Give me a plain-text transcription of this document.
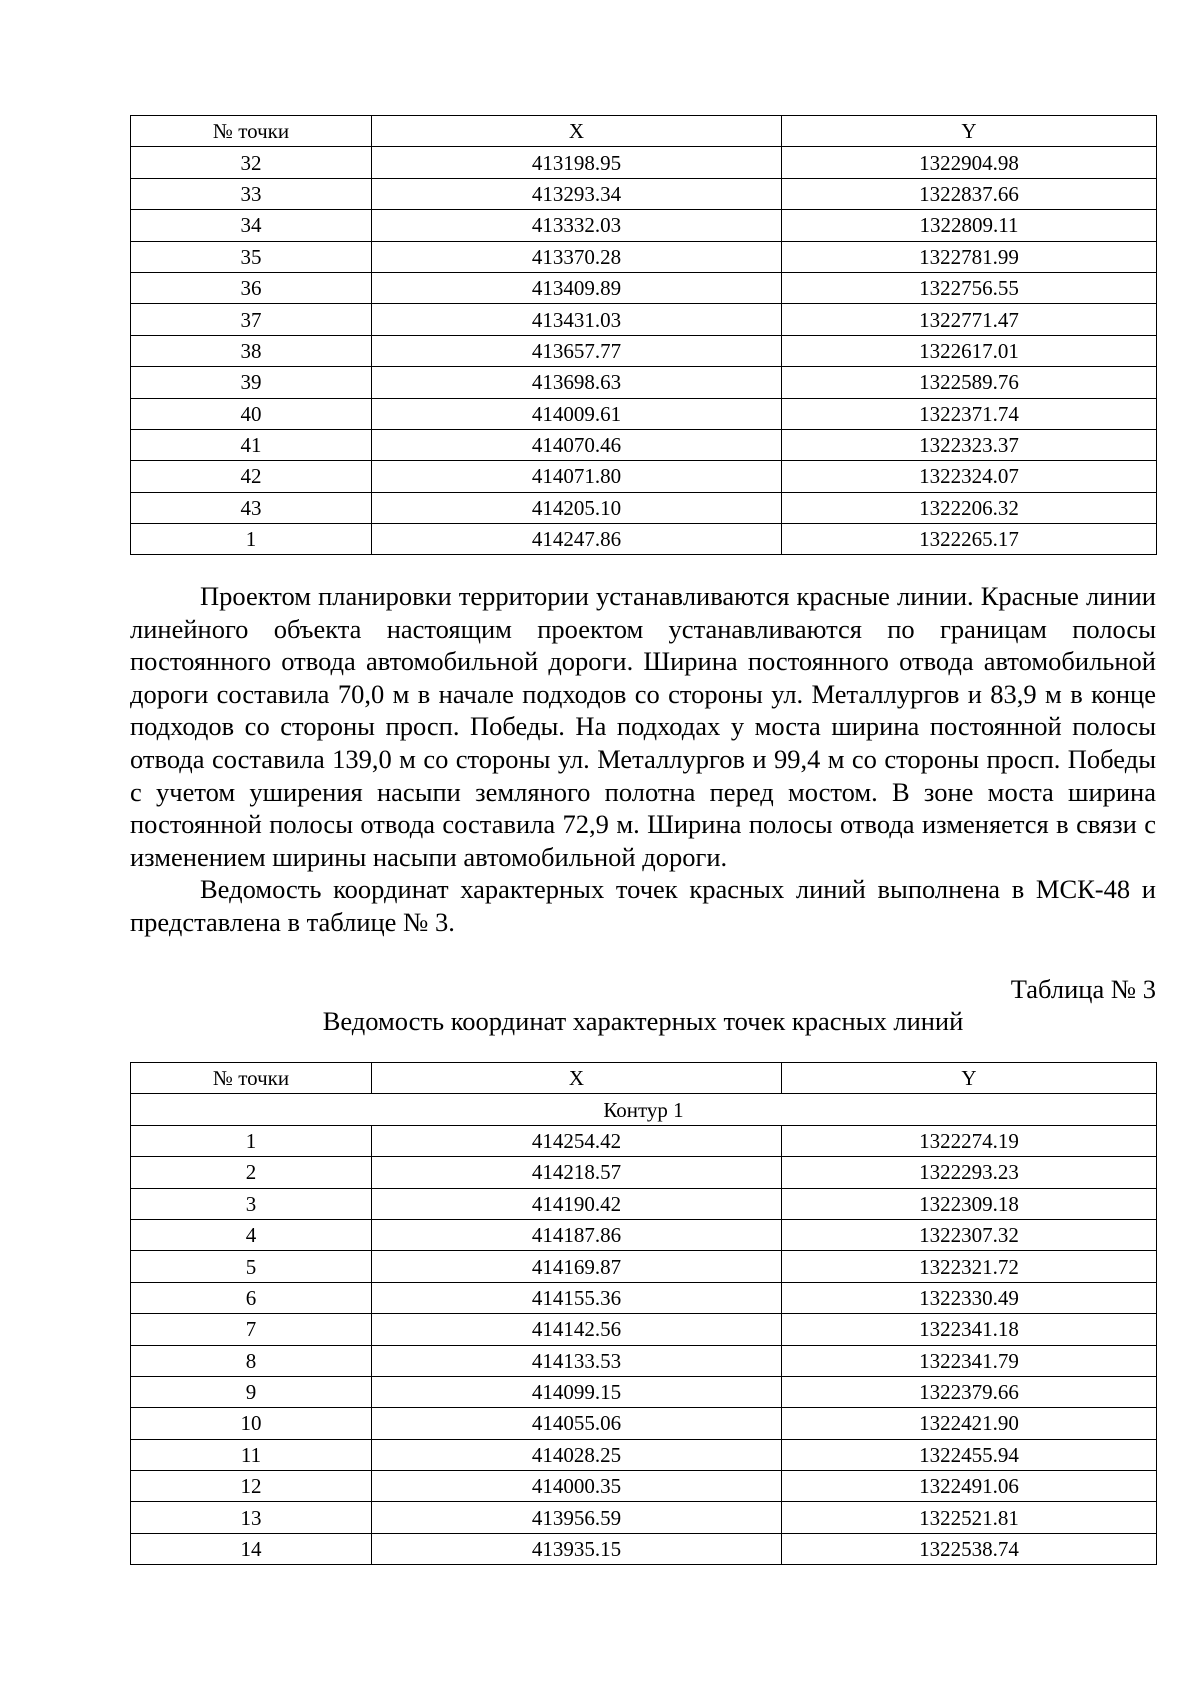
№ точки	X	Y
32	413198.95	1322904.98
33	413293.34	1322837.66
34	413332.03	1322809.11
35	413370.28	1322781.99
36	413409.89	1322756.55
37	413431.03	1322771.47
38	413657.77	1322617.01
39	413698.63	1322589.76
40	414009.61	1322371.74
41	414070.46	1322323.37
42	414071.80	1322324.07
43	414205.10	1322206.32
1	414247.86	1322265.17

Проектом планировки территории устанавливаются красные линии. Красные линии линейного объекта настоящим проектом устанавливаются по границам полосы постоянного отвода автомобильной дороги. Ширина постоянного отвода автомобильной дороги составила 70,0 м в начале подходов со стороны ул. Металлургов и 83,9 м в конце подходов со стороны просп. Победы. На подходах у моста ширина постоянной полосы отвода составила 139,0 м со стороны ул. Металлургов и 99,4 м со стороны просп. Победы с учетом уширения насыпи земляного полотна перед мостом. В зоне моста ширина постоянной полосы отвода составила 72,9 м. Ширина полосы отвода изменяется в связи с изменением ширины насыпи автомобильной дороги.

Ведомость координат характерных точек красных линий выполнена в МСК-48 и представлена в таблице № 3.

Таблица № 3
Ведомость координат характерных точек красных линий
№ точки	X	Y
Контур 1		
1	414254.42	1322274.19
2	414218.57	1322293.23
3	414190.42	1322309.18
4	414187.86	1322307.32
5	414169.87	1322321.72
6	414155.36	1322330.49
7	414142.56	1322341.18
8	414133.53	1322341.79
9	414099.15	1322379.66
10	414055.06	1322421.90
11	414028.25	1322455.94
12	414000.35	1322491.06
13	413956.59	1322521.81
14	413935.15	1322538.74
